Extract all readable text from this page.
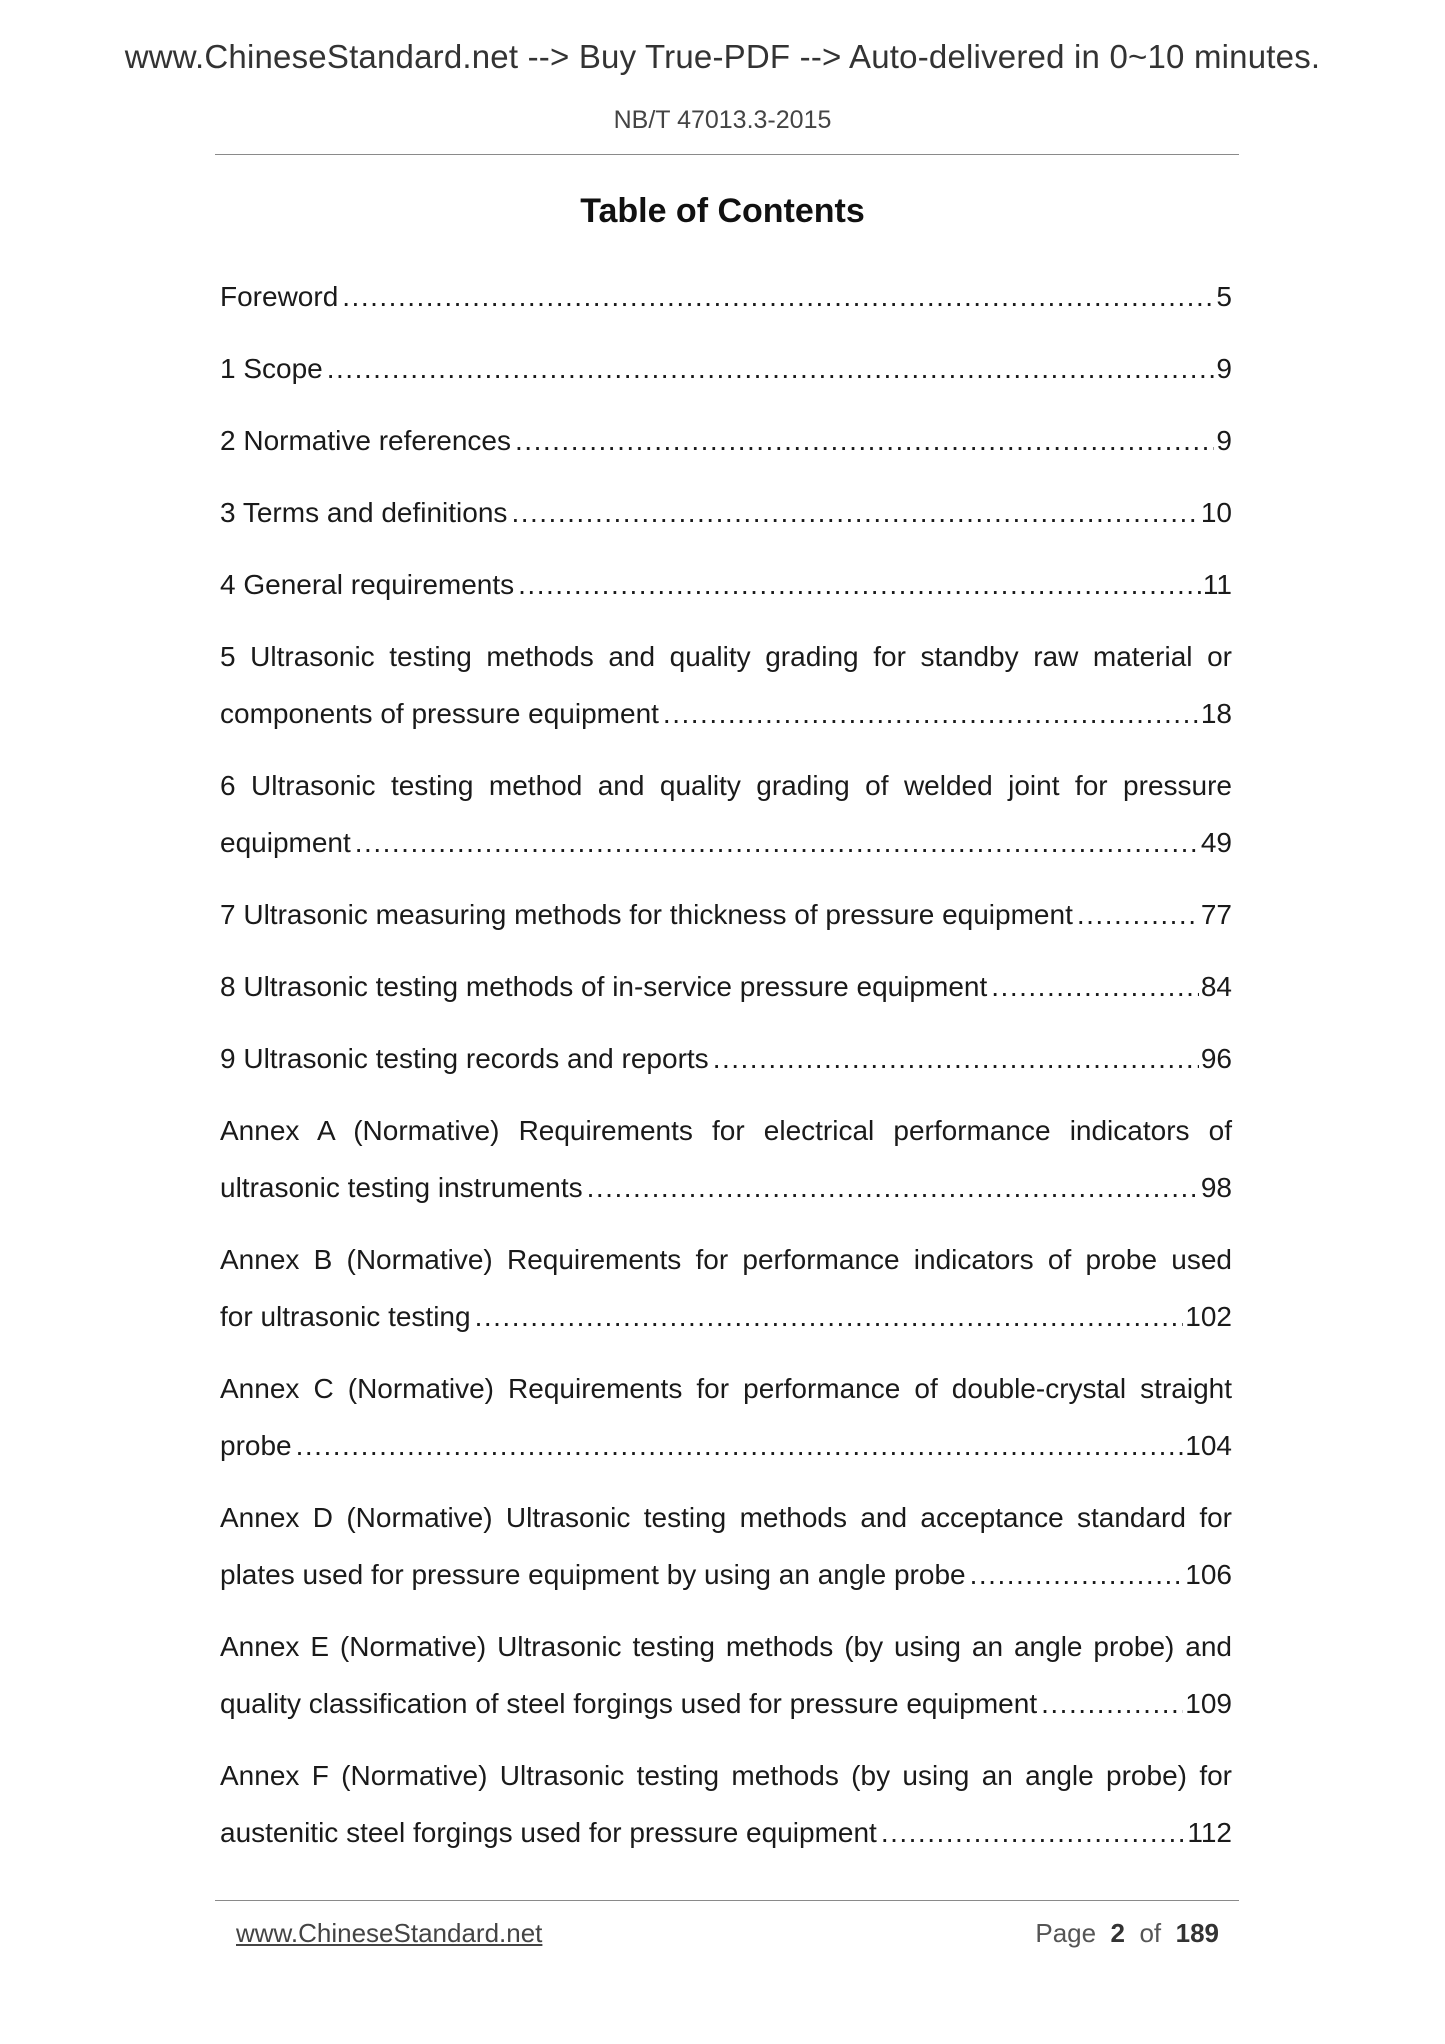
www.ChineseStandard.net --> Buy True-PDF --> Auto-delivered in 0~10 minutes.
NB/T 47013.3-2015
Table of Contents
Foreword .....	5
1 Scope .....	9
2 Normative references .....	9
3 Terms and definitions .....	10
4 General requirements .....	11
5 Ultrasonic testing methods and quality grading for standby raw material or
components of pressure equipment .....	18
6 Ultrasonic testing method and quality grading of welded joint for pressure
equipment .....	49
7 Ultrasonic measuring methods for thickness of pressure equipment .....	77
8 Ultrasonic testing methods of in-service pressure equipment .....	84
9 Ultrasonic testing records and reports .....	96
Annex A (Normative) Requirements for electrical performance indicators of
ultrasonic testing instruments .....	98
Annex B (Normative) Requirements for performance indicators of probe used
for ultrasonic testing .....	102
Annex C (Normative) Requirements for performance of double-crystal straight
probe .....	104
Annex D (Normative) Ultrasonic testing methods and acceptance standard for
plates used for pressure equipment by using an angle probe .....	106
Annex E (Normative) Ultrasonic testing methods (by using an angle probe) and
quality classification of steel forgings used for pressure equipment .....	109
Annex F (Normative) Ultrasonic testing methods (by using an angle probe) for
austenitic steel forgings used for pressure equipment .....	112
www.ChineseStandard.net	Page 2 of 189
